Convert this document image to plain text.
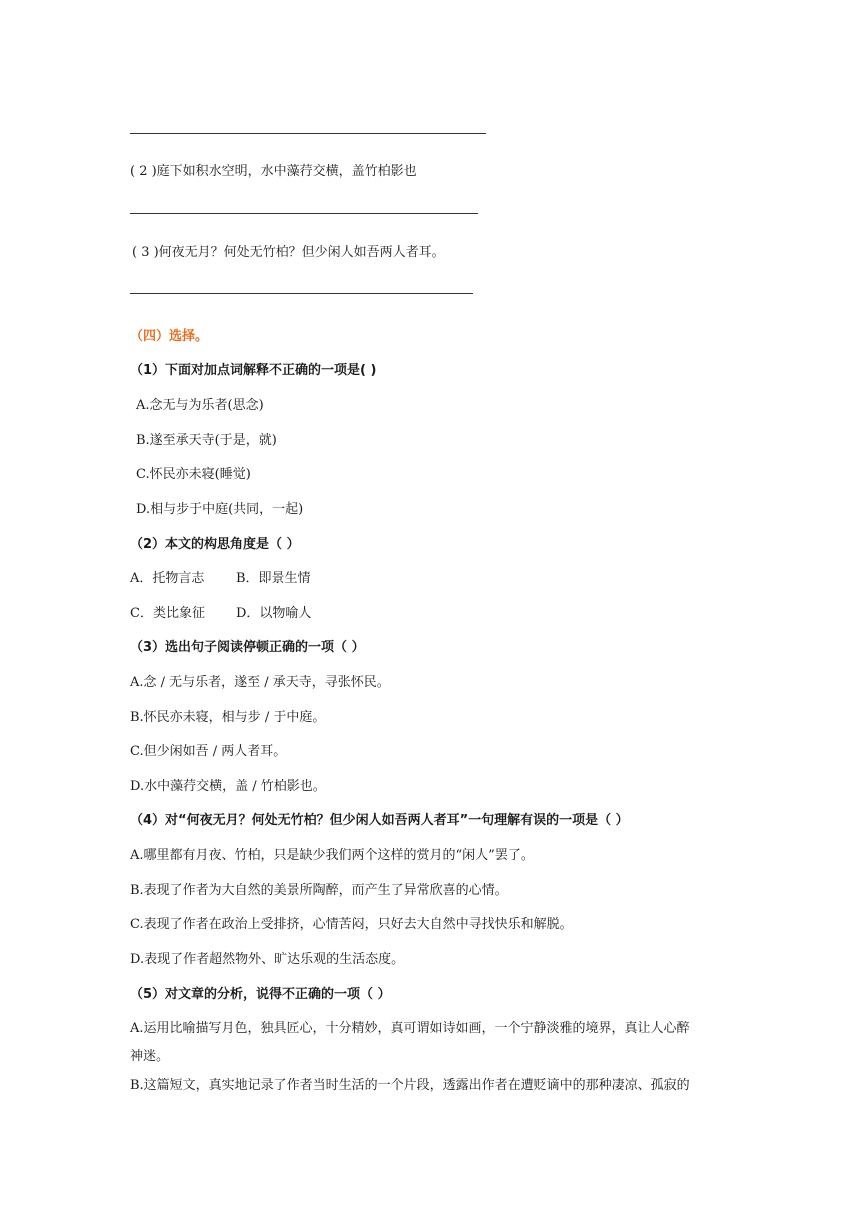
( 2 )庭下如积水空明，水中藻荇交横，盖竹柏影也
( 3 )何夜无月？何处无竹柏？但少闲人如吾两人者耳。
（四）选择。
（1）下面对加点词解释不正确的一项是( )
A.念无与为乐者(思念)
B.遂至承天寺(于是，就)
C.怀民亦未寝(睡觉)
D.相与步于中庭(共同，一起)
（2）本文的构思角度是（ ）
A．托物言志 B．即景生情
C．类比象征 D．以物喻人
（3）选出句子阅读停顿正确的一项（ ）
A.念 / 无与乐者，遂至 / 承天寺，寻张怀民。
B.怀民亦未寝，相与步 / 于中庭。
C.但少闲如吾 / 两人者耳。
D.水中藻荇交横，盖 / 竹柏影也。
（4）对“何夜无月？何处无竹柏？但少闲人如吾两人者耳”一句理解有误的一项是（ ）
A.哪里都有月夜、竹柏，只是缺少我们两个这样的赏月的“闲人”罢了。
B.表现了作者为大自然的美景所陶醉，而产生了异常欣喜的心情。
C.表现了作者在政治上受排挤，心情苦闷，只好去大自然中寻找快乐和解脱。
D.表现了作者超然物外、旷达乐观的生活态度。
（5）对文章的分析，说得不正确的一项（ ）
A.运用比喻描写月色，独具匠心，十分精妙，真可谓如诗如画，一个宁静淡雅的境界，真让人心醉
神迷。
B.这篇短文，真实地记录了作者当时生活的一个片段，透露出作者在遭贬谪中的那种凄凉、孤寂的
